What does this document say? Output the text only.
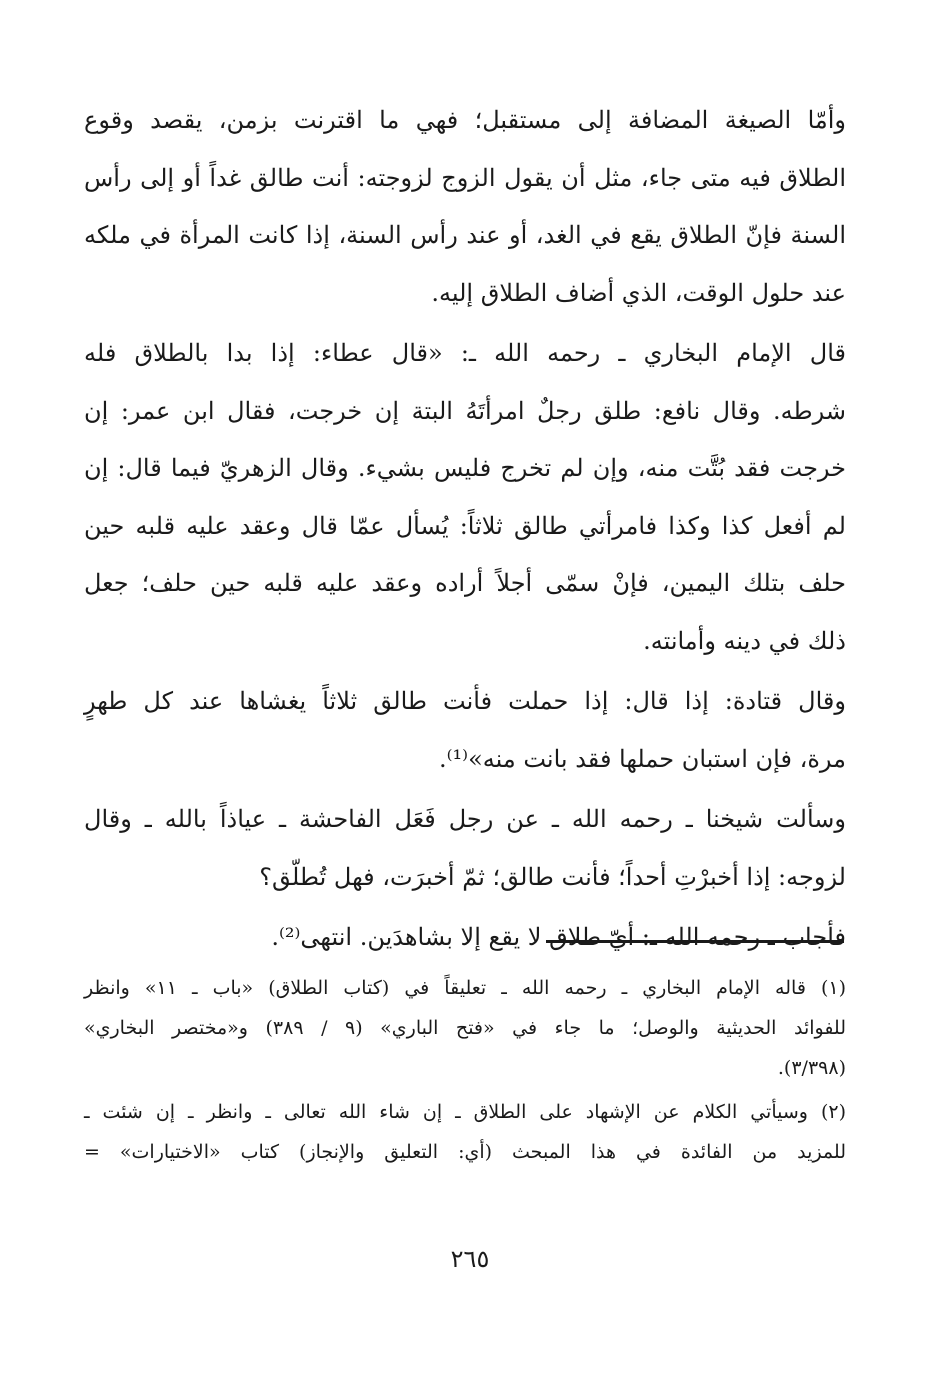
وأمّا الصيغة المضافة إلى مستقبل؛ فهي ما اقترنت بزمن، يقصد وقوع
الطلاق فيه متى جاء، مثل أن يقول الزوج لزوجته: أنت طالق غداً أو إلى رأس
السنة فإنّ الطلاق يقع في الغد، أو عند رأس السنة، إذا كانت المرأة في ملكه
عند حلول الوقت، الذي أضاف الطلاق إليه.
قال الإمام البخاري ـ رحمه الله ـ: «قال عطاء: إذا بدا بالطلاق فله
شرطه. وقال نافع: طلق رجلٌ امرأتَهُ البتة إن خرجت، فقال ابن عمر: إن
خرجت فقد بُتَّت منه، وإن لم تخرج فليس بشيء. وقال الزهريّ فيما قال: إن
لم أفعل كذا وكذا فامرأتي طالق ثلاثاً: يُسأل عمّا قال وعقد عليه قلبه حين
حلف بتلك اليمين، فإنْ سمّى أجلاً أراده وعقد عليه قلبه حين حلف؛ جعل
ذلك في دينه وأمانته.
وقال قتادة: إذا قال: إذا حملت فأنت طالق ثلاثاً يغشاها عند كل طهرٍ
مرة، فإن استبان حملها فقد بانت منه»⁽¹⁾.
وسألت شيخنا ـ رحمه الله ـ عن رجل فَعَل الفاحشة ـ عياذاً بالله ـ وقال
لزوجه: إذا أخبرْتِ أحداً؛ فأنت طالق؛ ثمّ أخبرَت، فهل تُطلّق؟
فأجاب ـ رحمه الله ـ: أيّ طلاق لا يقع إلا بشاهدَين. انتهى⁽²⁾.
(١) قاله الإمام البخاري ـ رحمه الله ـ تعليقاً في (كتاب الطلاق) «باب ـ ١١» وانظر
للفوائد الحديثية والوصل؛ ما جاء في «فتح الباري» (٩ / ٣٨٩) و«مختصر البخاري»
(٣/٣٩٨).
(٢) وسيأتي الكلام عن الإشهاد على الطلاق ـ إن شاء الله تعالى ـ وانظر ـ إن شئت ـ
للمزيد من الفائدة في هذا المبحث (أي: التعليق والإنجاز) كتاب «الاختيارات» =
٢٦٥
